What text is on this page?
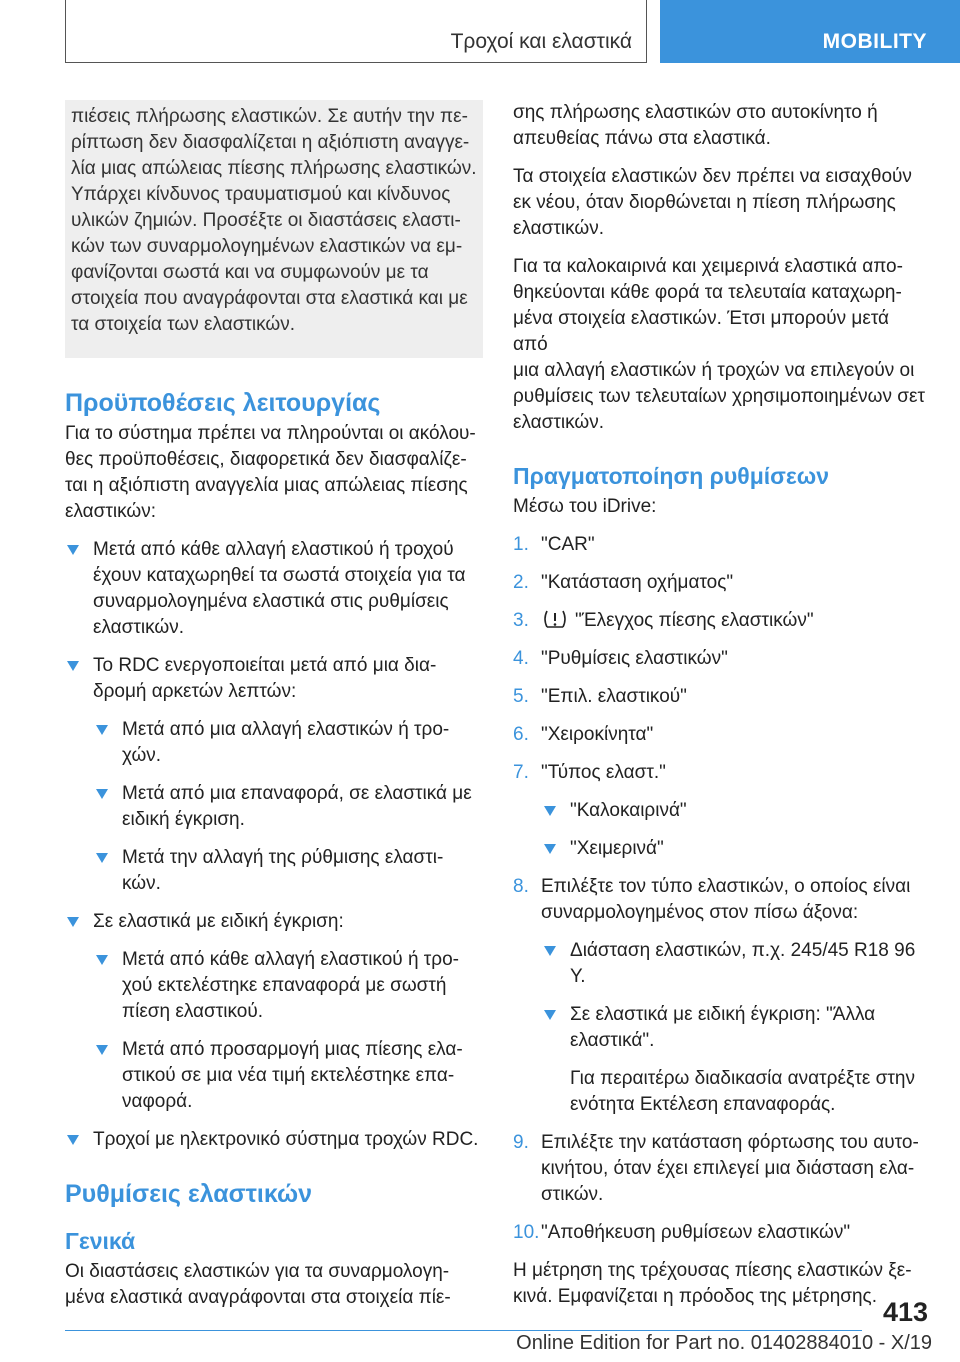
Τροχοί και ελαστικά	MOBILITY

πιέσεις πλήρωσης ελαστικών. Σε αυτήν την πε-
ρίπτωση δεν διασφαλίζεται η αξιόπιστη αναγγε-
λία μιας απώλειας πίεσης πλήρωσης ελαστικών.
Υπάρχει κίνδυνος τραυματισμού και κίνδυνος
υλικών ζημιών. Προσέξτε οι διαστάσεις ελαστι-
κών των συναρμολογημένων ελαστικών να εμ-
φανίζονται σωστά και να συμφωνούν με τα
στοιχεία που αναγράφονται στα ελαστικά και με
τα στοιχεία των ελαστικών.

Προϋποθέσεις λειτουργίας

Για το σύστημα πρέπει να πληρούνται οι ακόλου-
θες προϋποθέσεις, διαφορετικά δεν διασφαλίζε-
ται η αξιόπιστη αναγγελία μιας απώλειας πίεσης
ελαστικών:

Μετά από κάθε αλλαγή ελαστικού ή τροχού
έχουν καταχωρηθεί τα σωστά στοιχεία για τα
συναρμολογημένα ελαστικά στις ρυθμίσεις
ελαστικών.
Το RDC ενεργοποιείται μετά από μια δια-
δρομή αρκετών λεπτών:
Μετά από μια αλλαγή ελαστικών ή τρο-
χών.
Μετά από μια επαναφορά, σε ελαστικά με
ειδική έγκριση.
Μετά την αλλαγή της ρύθμισης ελαστι-
κών.
Σε ελαστικά με ειδική έγκριση:
Μετά από κάθε αλλαγή ελαστικού ή τρο-
χού εκτελέστηκε επαναφορά με σωστή
πίεση ελαστικού.
Μετά από προσαρμογή μιας πίεσης ελα-
στικού σε μια νέα τιμή εκτελέστηκε επα-
ναφορά.
Τροχοί με ηλεκτρονικό σύστημα τροχών RDC.
Ρυθμίσεις ελαστικών
Γενικά

Οι διαστάσεις ελαστικών για τα συναρμολογη-
μένα ελαστικά αναγράφονται στα στοιχεία πίε-

σης πλήρωσης ελαστικών στο αυτοκίνητο ή
απευθείας πάνω στα ελαστικά.

Τα στοιχεία ελαστικών δεν πρέπει να εισαχθούν
εκ νέου, όταν διορθώνεται η πίεση πλήρωσης
ελαστικών.

Για τα καλοκαιρινά και χειμερινά ελαστικά απο-
θηκεύονται κάθε φορά τα τελευταία καταχωρη-
μένα στοιχεία ελαστικών. Έτσι μπορούν μετά από
μια αλλαγή ελαστικών ή τροχών να επιλεγούν οι
ρυθμίσεις των τελευταίων χρησιμοποιημένων σετ
ελαστικών.

Πραγματοποίηση ρυθμίσεων

Μέσω του iDrive:

1. "CAR"
2. "Κατάσταση οχήματος"
3. "Έλεγχος πίεσης ελαστικών"
4. "Ρυθμίσεις ελαστικών"
5. "Επιλ. ελαστικού"
6. "Χειροκίνητα"
7. "Τύπος ελαστ."
"Καλοκαιρινά"
"Χειμερινά"
8. Επιλέξτε τον τύπο ελαστικών, ο οποίος είναι
συναρμολογημένος στον πίσω άξονα:
Διάσταση ελαστικών, π.χ. 245/45 R18 96
Y.
Σε ελαστικά με ειδική έγκριση: "Άλλα
ελαστικά".
Για περαιτέρω διαδικασία ανατρέξτε στην
ενότητα Εκτέλεση επαναφοράς.
9. Επιλέξτε την κατάσταση φόρτωσης του αυτο-
κινήτου, όταν έχει επιλεγεί μια διάσταση ελα-
στικών.
10. "Αποθήκευση ρυθμίσεων ελαστικών"

Η μέτρηση της τρέχουσας πίεσης ελαστικών ξε-
κινά. Εμφανίζεται η πρόοδος της μέτρησης.

413
Online Edition for Part no. 01402884010 - X/19
